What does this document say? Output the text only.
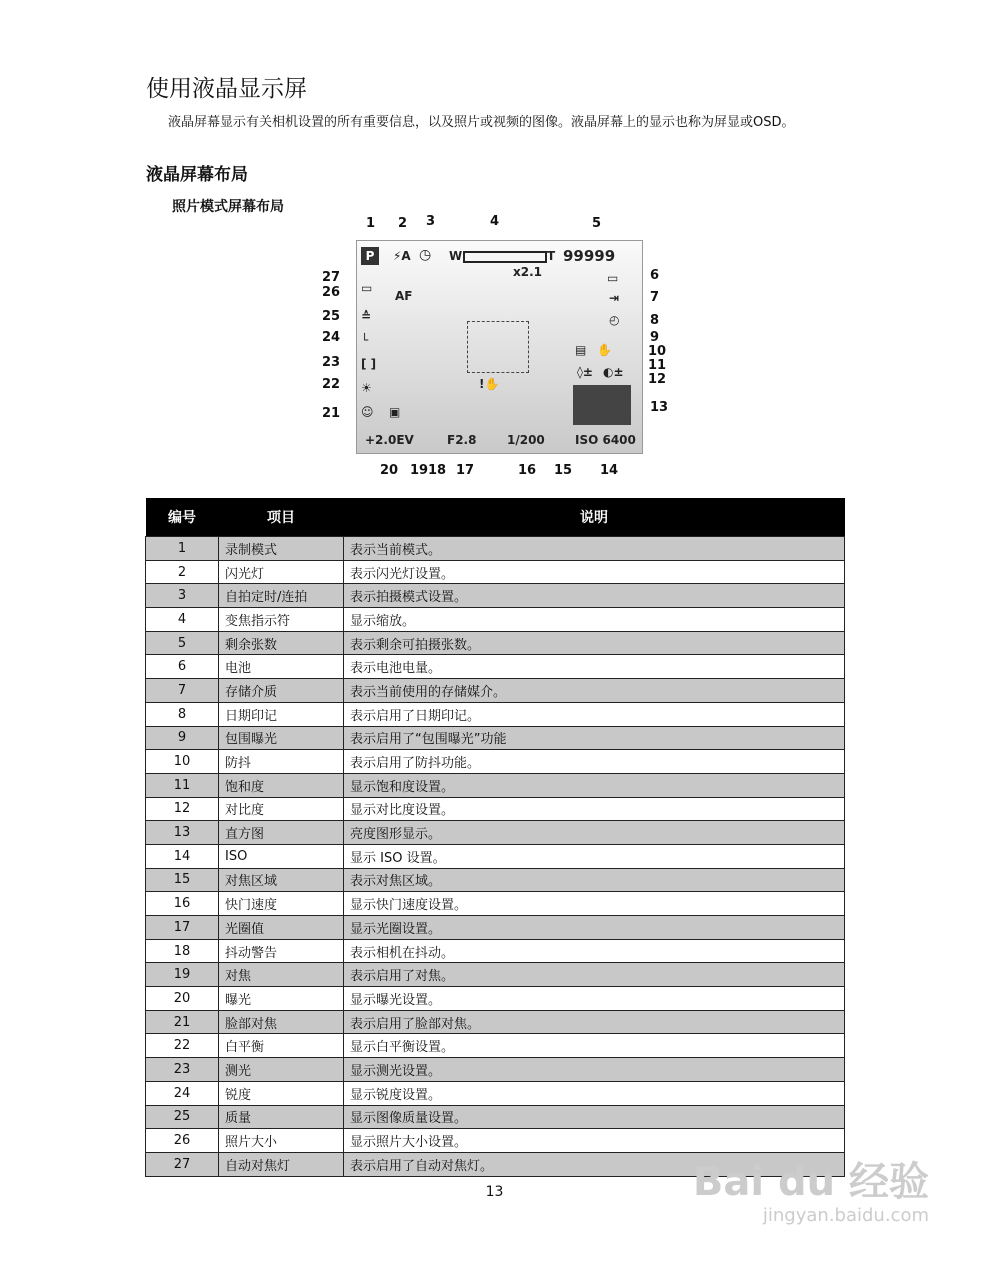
使用液晶显示屏
液晶屏幕显示有关相机设置的所有重要信息，以及照片或视频的图像。液晶屏幕上的显示也称为屏显或OSD。
液晶屏幕布局
照片模式屏幕布局
P	⚡A ◷ W	T
x2.1
99999
▭
⇥
◴
▤ ✋
◊± ◐±
ISO 6400
AF
▭
≙
└
[ ]
☀
☺ ▣
!✋
+2.0EV	F2.8	1/200
1 2 3	4	5
6
7
8
9
10
11
12
13
14
15
16
17
18
19
20
21
22
23
24
25
26
27
编号	项目	说明
1	录制模式	表示当前模式。
2	闪光灯	表示闪光灯设置。
3	自拍定时/连拍	表示拍摄模式设置。
4	变焦指示符	显示缩放。
5	剩余张数	表示剩余可拍摄张数。
6	电池	表示电池电量。
7	存储介质	表示当前使用的存储媒介。
8	日期印记	表示启用了日期印记。
9	包围曝光	表示启用了“包围曝光”功能
10	防抖	表示启用了防抖功能。
11	饱和度	显示饱和度设置。
12	对比度	显示对比度设置。
13	直方图	亮度图形显示。
14	ISO	显示 ISO 设置。
15	对焦区域	表示对焦区域。
16	快门速度	显示快门速度设置。
17	光圈值	显示光圈设置。
18	抖动警告	表示相机在抖动。
19	对焦	表示启用了对焦。
20	曝光	显示曝光设置。
21	脸部对焦	表示启用了脸部对焦。
22	白平衡	显示白平衡设置。
23	测光	显示测光设置。
24	锐度	显示锐度设置。
25	质量	显示图像质量设置。
26	照片大小	显示照片大小设置。
27	自动对焦灯	表示启用了自动对焦灯。
13	Bai du 经验
jingyan.baidu.com
